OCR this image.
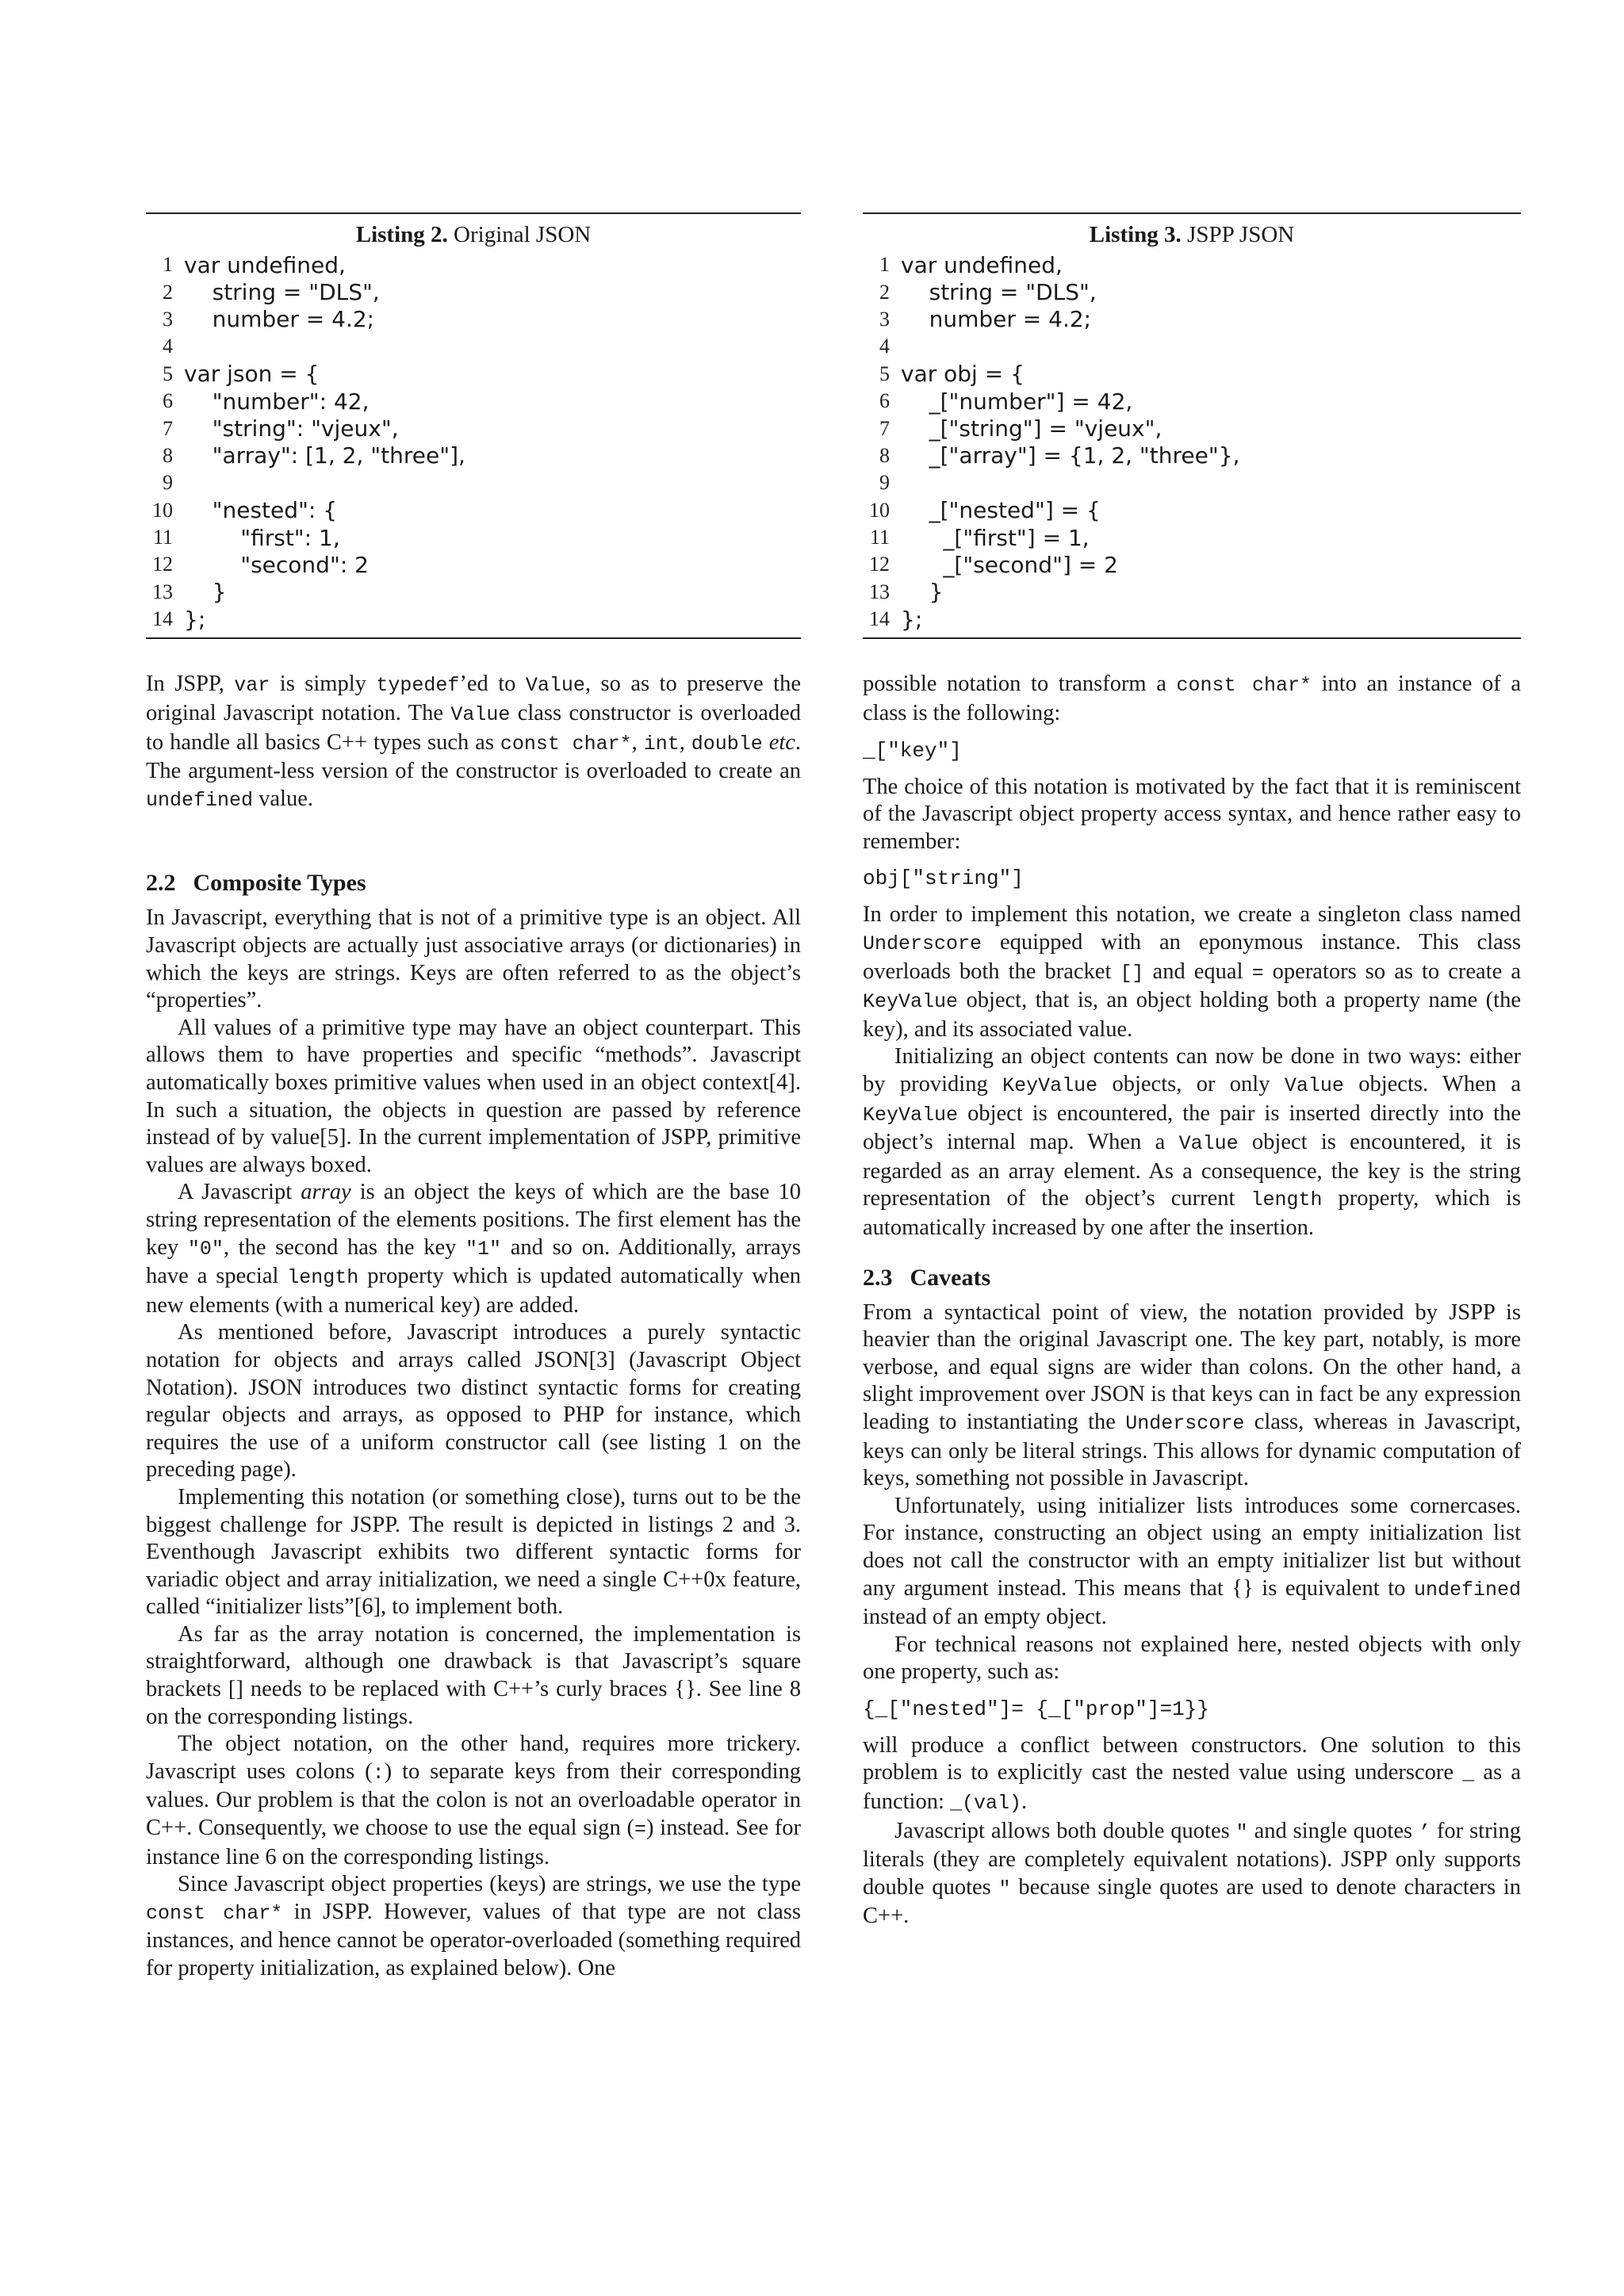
Listing 2. Original JSON
1 var undefined,
2 string = "DLS",
3 number = 4.2;
4
5 var json = {
6 "number": 42,
7 "string": "vjeux",
8 "array": [1, 2, "three"],
9
10 "nested": {
11 "first": 1,
12 "second": 2
13 }
14 };

In JSPP, var is simply typedef’ed to Value, so as to preserve the original Javascript notation. The Value class constructor is overloaded to handle all basics C++ types such as const char*, int, double etc. The argument-less version of the constructor is overloaded to create an undefined value.

2.2 Composite Types

In Javascript, everything that is not of a primitive type is an object. All Javascript objects are actually just associative arrays (or dictionaries) in which the keys are strings. Keys are often referred to as the object’s “properties”.

All values of a primitive type may have an object counterpart. This allows them to have properties and specific “methods”. Javascript automatically boxes primitive values when used in an object context[4]. In such a situation, the objects in question are passed by reference instead of by value[5]. In the current implementation of JSPP, primitive values are always boxed.

A Javascript array is an object the keys of which are the base 10 string representation of the elements positions. The first element has the key "0", the second has the key "1" and so on. Additionally, arrays have a special length property which is updated automatically when new elements (with a numerical key) are added.

As mentioned before, Javascript introduces a purely syntactic notation for objects and arrays called JSON[3] (Javascript Object Notation). JSON introduces two distinct syntactic forms for creating regular objects and arrays, as opposed to PHP for instance, which requires the use of a uniform constructor call (see listing 1 on the preceding page).

Implementing this notation (or something close), turns out to be the biggest challenge for JSPP. The result is depicted in listings 2 and 3. Eventhough Javascript exhibits two different syntactic forms for variadic object and array initialization, we need a single C++0x feature, called “initializer lists”[6], to implement both.

As far as the array notation is concerned, the implementation is straightforward, although one drawback is that Javascript’s square brackets [] needs to be replaced with C++’s curly braces {}. See line 8 on the corresponding listings.

The object notation, on the other hand, requires more trickery. Javascript uses colons (:) to separate keys from their corresponding values. Our problem is that the colon is not an overloadable operator in C++. Consequently, we choose to use the equal sign (=) instead. See for instance line 6 on the corresponding listings.

Since Javascript object properties (keys) are strings, we use the type const char* in JSPP. However, values of that type are not class instances, and hence cannot be operator-overloaded (something required for property initialization, as explained below). One

Listing 3. JSPP JSON
1 var undefined,
2 string = "DLS",
3 number = 4.2;
4
5 var obj = {
6 _["number"] = 42,
7 _["string"] = "vjeux",
8 _["array"] = {1, 2, "three"},
9
10 _["nested"] = {
11 _["first"] = 1,
12 _["second"] = 2
13 }
14 };

possible notation to transform a const char* into an instance of a class is the following:

_["key"]

The choice of this notation is motivated by the fact that it is reminiscent of the Javascript object property access syntax, and hence rather easy to remember:

obj["string"]

In order to implement this notation, we create a singleton class named Underscore equipped with an eponymous instance. This class overloads both the bracket [] and equal = operators so as to create a KeyValue object, that is, an object holding both a property name (the key), and its associated value.

Initializing an object contents can now be done in two ways: either by providing KeyValue objects, or only Value objects. When a KeyValue object is encountered, the pair is inserted directly into the object’s internal map. When a Value object is encountered, it is regarded as an array element. As a consequence, the key is the string representation of the object’s current length property, which is automatically increased by one after the insertion.

2.3 Caveats

From a syntactical point of view, the notation provided by JSPP is heavier than the original Javascript one. The key part, notably, is more verbose, and equal signs are wider than colons. On the other hand, a slight improvement over JSON is that keys can in fact be any expression leading to instantiating the Underscore class, whereas in Javascript, keys can only be literal strings. This allows for dynamic computation of keys, something not possible in Javascript.

Unfortunately, using initializer lists introduces some cornercases. For instance, constructing an object using an empty initialization list does not call the constructor with an empty initializer list but without any argument instead. This means that {} is equivalent to undefined instead of an empty object.

For technical reasons not explained here, nested objects with only one property, such as:

{_["nested"]= {_["prop"]=1}}

will produce a conflict between constructors. One solution to this problem is to explicitly cast the nested value using underscore _ as a function: _(val).

Javascript allows both double quotes " and single quotes ’ for string literals (they are completely equivalent notations). JSPP only supports double quotes " because single quotes are used to denote characters in C++.
